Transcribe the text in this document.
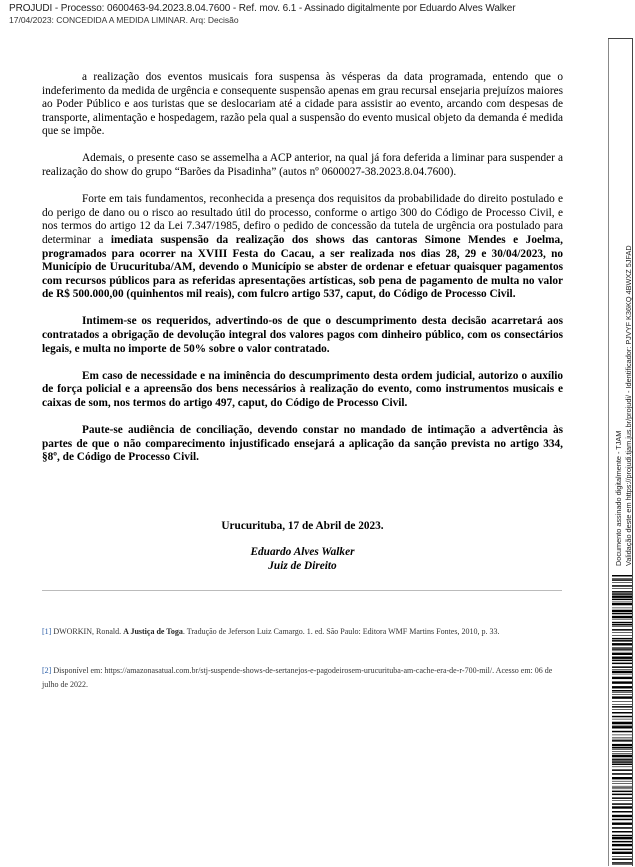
PROJUDI - Processo: 0600463-94.2023.8.04.7600 - Ref. mov. 6.1 - Assinado digitalmente por Eduardo Alves Walker
17/04/2023: CONCEDIDA A MEDIDA LIMINAR. Arq: Decisão

a realização dos eventos musicais fora suspensa às vésperas da data programada, entendo que o indeferimento da medida de urgência e consequente suspensão apenas em grau recursal ensejaria prejuízos maiores ao Poder Público e aos turistas que se deslocariam até a cidade para assistir ao evento, arcando com despesas de transporte, alimentação e hospedagem, razão pela qual a suspensão do evento musical objeto da demanda é medida que se impõe.

Ademais, o presente caso se assemelha a ACP anterior, na qual já fora deferida a liminar para suspender a realização do show do grupo “Barões da Pisadinha” (autos nº 0600027-38.2023.8.04.7600).

Forte em tais fundamentos, reconhecida a presença dos requisitos da probabilidade do direito postulado e do perigo de dano ou o risco ao resultado útil do processo, conforme o artigo 300 do Código de Processo Civil, e nos termos do artigo 12 da Lei 7.347/1985, defiro o pedido de concessão da tutela de urgência ora postulado para determinar a imediata suspensão da realização dos shows das cantoras Simone Mendes e Joelma, programados para ocorrer na XVIII Festa do Cacau, a ser realizada nos dias 28, 29 e 30/04/2023, no Município de Urucurituba/AM, devendo o Município se abster de ordenar e efetuar quaisquer pagamentos com recursos públicos para as referidas apresentações artísticas, sob pena de pagamento de multa no valor de R$ 500.000,00 (quinhentos mil reais), com fulcro artigo 537, caput, do Código de Processo Civil.

Intimem-se os requeridos, advertindo-os de que o descumprimento desta decisão acarretará aos contratados a obrigação de devolução integral dos valores pagos com dinheiro público, com os consectários legais, e multa no importe de 50% sobre o valor contratado.

Em caso de necessidade e na iminência do descumprimento desta ordem judicial, autorizo o auxílio de força policial e a apreensão dos bens necessários à realização do evento, como instrumentos musicais e caixas de som, nos termos do artigo 497, caput, do Código de Processo Civil.

Paute-se audiência de conciliação, devendo constar no mandado de intimação a advertência às partes de que o não comparecimento injustificado ensejará a aplicação da sanção prevista no artigo 334, §8º, de Código de Processo Civil.

Urucurituba, 17 de Abril de 2023.
Eduardo Alves Walker
Juiz de Direito
[1] DWORKIN, Ronald. A Justiça de Toga. Tradução de Jeferson Luiz Camargo. 1. ed. São Paulo: Editora WMF Martins Fontes, 2010, p. 33.
[2] Disponível em: https://amazonasatual.com.br/stj-suspende-shows-de-sertanejos-e-pagodeirosem-urucurituba-am-cache-era-de-r-700-mil/. Acesso em: 06 de julho de 2022.
Documento assinado digitalmente - TJAM Validação deste em https://projudi.tjam.jus.br/projudi/ - Identificador: PJVYF K36KQ 4BWXZ 5JFAD
